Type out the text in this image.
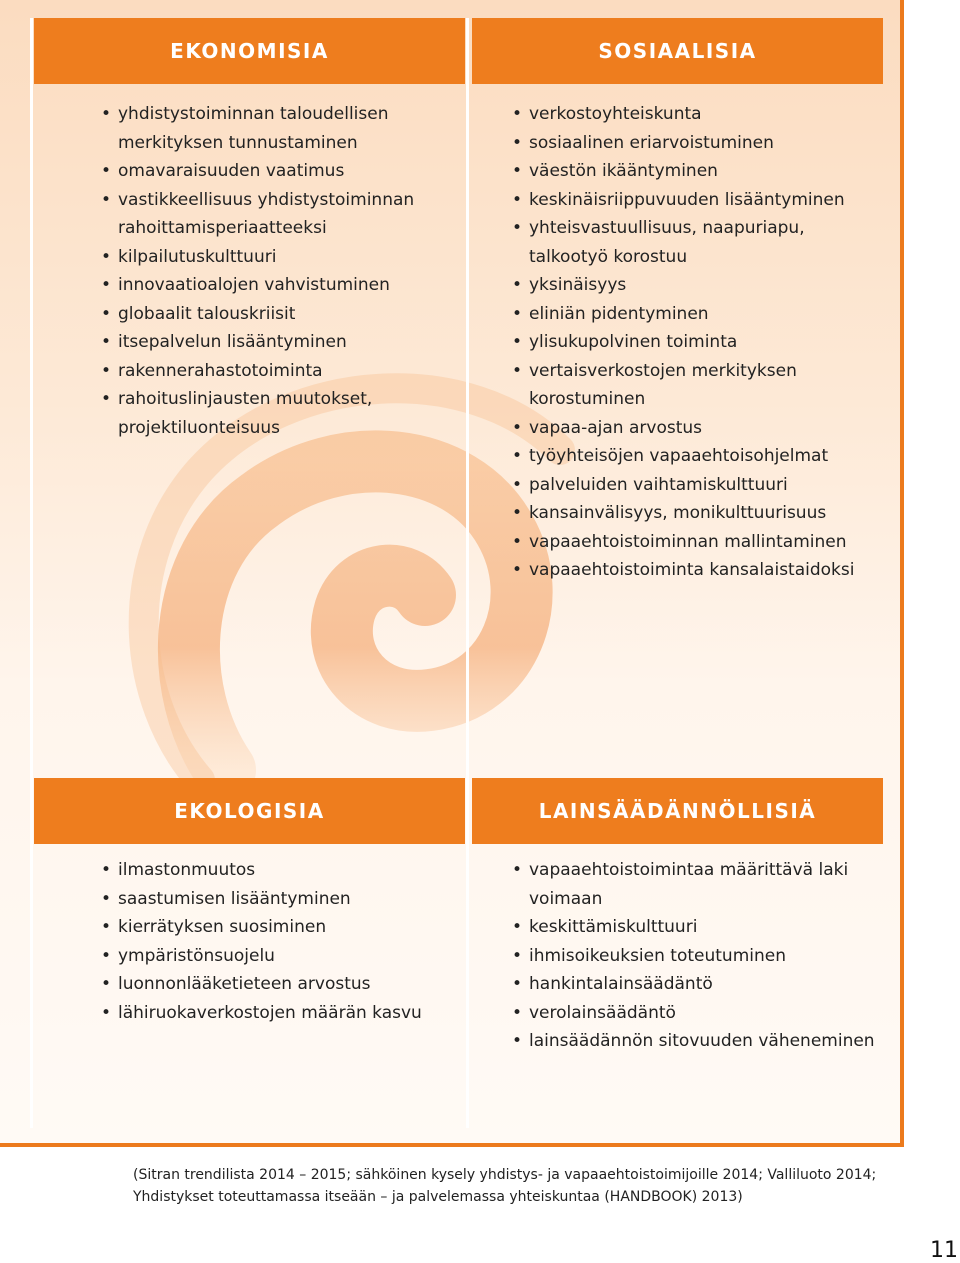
EKONOMISIA	SOSIAALISIA
• yhdistystoiminnan taloudellisen merkityksen tunnustaminen
• omavaraisuuden vaatimus
• vastikkeellisuus yhdistystoiminnan rahoittamisperiaatteeksi
• kilpailutuskulttuuri
• innovaatioalojen vahvistuminen
• globaalit talouskriisit
• itsepalvelun lisääntyminen
• rakennerahastotoiminta
• rahoituslinjausten muutokset, projektiluonteisuus
• verkostoyhteiskunta
• sosiaalinen eriarvoistuminen
• väestön ikääntyminen
• keskinäisriippuvuuden lisääntyminen
• yhteisvastuullisuus, naapuriapu, talkootyö korostuu
• yksinäisyys
• eliniän pidentyminen
• ylisukupolvinen toiminta
• vertaisverkostojen merkityksen korostuminen
• vapaa-ajan arvostus
• työyhteisöjen vapaaehtoisohjelmat
• palveluiden vaihtamiskulttuuri
• kansainvälisyys, monikulttuurisuus
• vapaaehtoistoiminnan mallintaminen
• vapaaehtoistoiminta kansalaistaidoksi
EKOLOGISIA	LAINSÄÄDÄNNÖLLISIÄ
• ilmastonmuutos
• saastumisen lisääntyminen
• kierrätyksen suosiminen
• ympäristönsuojelu
• luonnonlääketieteen arvostus
• lähiruokaverkostojen määrän kasvu
• vapaaehtoistoimintaa määrittävä laki voimaan
• keskittämiskulttuuri
• ihmisoikeuksien toteutuminen
• hankintalainsäädäntö
• verolainsäädäntö
• lainsäädännön sitovuuden väheneminen
(Sitran trendilista 2014 – 2015; sähköinen kysely yhdistys- ja vapaaehtoistoimijoille 2014; Valliluoto 2014;
Yhdistykset toteuttamassa itseään – ja palvelemassa yhteiskuntaa (HANDBOOK) 2013)
11
